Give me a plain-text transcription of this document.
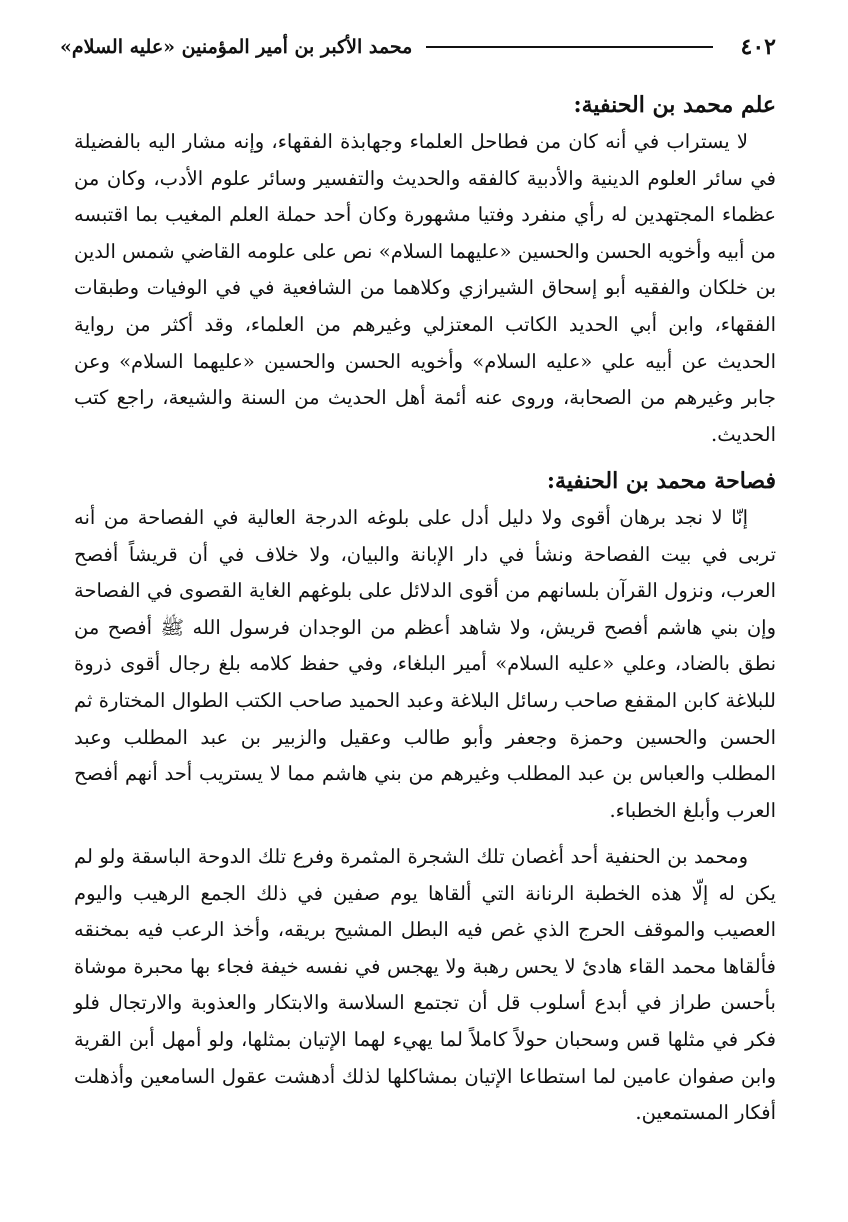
٤٠٢
محمد الأكبر بن أمير المؤمنين «عليه السلام»
علم محمد بن الحنفية:

لا يستراب في أنه كان من فطاحل العلماء وجهابذة الفقهاء، وإنه مشار اليه بالفضيلة في سائر العلوم الدينية والأدبية كالفقه والحديث والتفسير وسائر علوم الأدب، وكان من عظماء المجتهدين له رأي منفرد وفتيا مشهورة وكان أحد حملة العلم المغيب بما اقتبسه من أبيه وأخويه الحسن والحسين «عليهما السلام» نص على علومه القاضي شمس الدين بن خلكان والفقيه أبو إسحاق الشيرازي وكلاهما من الشافعية في في الوفيات وطبقات الفقهاء، وابن أبي الحديد الكاتب المعتزلي وغيرهم من العلماء، وقد أكثر من رواية الحديث عن أبيه علي «عليه السلام» وأخويه الحسن والحسين «عليهما السلام» وعن جابر وغيرهم من الصحابة، وروى عنه أئمة أهل الحديث من السنة والشيعة، راجع كتب الحديث.

فصاحة محمد بن الحنفية:

إنّا لا نجد برهان أقوى ولا دليل أدل على بلوغه الدرجة العالية في الفصاحة من أنه تربى في بيت الفصاحة ونشأ في دار الإبانة والبيان، ولا خلاف في أن قريشاً أفصح العرب، ونزول القرآن بلسانهم من أقوى الدلائل على بلوغهم الغاية القصوى في الفصاحة وإن بني هاشم أفصح قريش، ولا شاهد أعظم من الوجدان فرسول الله ﷺ أفصح من نطق بالضاد، وعلي «عليه السلام» أمير البلغاء، وفي حفظ كلامه بلغ رجال أقوى ذروة للبلاغة كابن المقفع صاحب رسائل البلاغة وعبد الحميد صاحب الكتب الطوال المختارة ثم الحسن والحسين وحمزة وجعفر وأبو طالب وعقيل والزبير بن عبد المطلب وعبد المطلب والعباس بن عبد المطلب وغيرهم من بني هاشم مما لا يستريب أحد أنهم أفصح العرب وأبلغ الخطباء.

ومحمد بن الحنفية أحد أغصان تلك الشجرة المثمرة وفرع تلك الدوحة الباسقة ولو لم يكن له إلّا هذه الخطبة الرنانة التي ألقاها يوم صفين في ذلك الجمع الرهيب واليوم العصيب والموقف الحرج الذي غص فيه البطل المشيح بريقه، وأخذ الرعب فيه بمخنقه فألقاها محمد القاء هادئ لا يحس رهبة ولا يهجس في نفسه خيفة فجاء بها محبرة موشاة بأحسن طراز في أبدع أسلوب قل أن تجتمع السلاسة والابتكار والعذوبة والارتجال فلو فكر في مثلها قس وسحبان حولاً كاملاً لما يهيء لهما الإتيان بمثلها، ولو أمهل أبن القرية وابن صفوان عامين لما استطاعا الإتيان بمشاكلها لذلك أدهشت عقول السامعين وأذهلت أفكار المستمعين.
